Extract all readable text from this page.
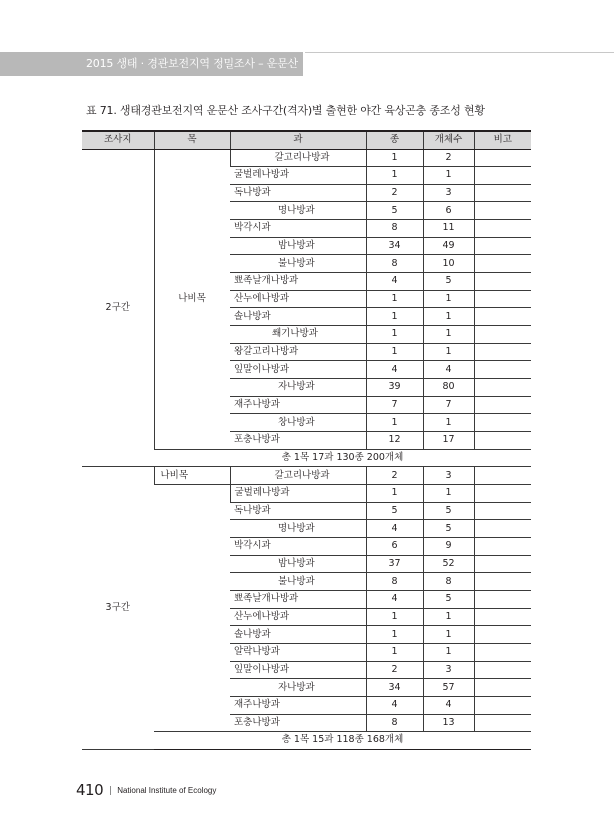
2015 생태 · 경관보전지역 정밀조사 – 운문산
표 71. 생태경관보전지역 운문산 조사구간(격자)별 출현한 야간 육상곤충 종조성 현황
조사지	목	과	종	개체수	비고
2구간	나비목	갈고리나방과	1	2	
		굴벌레나방과	1	1	
		독나방과	2	3	
		명나방과	5	6	
		박각시과	8	11	
		밤나방과	34	49	
		불나방과	8	10	
		뾰족날개나방과	4	5	
		산누에나방과	1	1	
		솔나방과	1	1	
		쐐기나방과	1	1	
		왕갈고리나방과	1	1	
		잎말이나방과	4	4	
		자나방과	39	80	
		재주나방과	7	7	
		창나방과	1	1	
		포충나방과	12	17	
	총 1목 17과 130종 200개체				
3구간	나비목	갈고리나방과	2	3	
		굴벌레나방과	1	1	
		독나방과	5	5	
		명나방과	4	5	
		박각시과	6	9	
		밤나방과	37	52	
		불나방과	8	8	
		뾰족날개나방과	4	5	
		산누에나방과	1	1	
		솔나방과	1	1	
		알락나방과	1	1	
		잎말이나방과	2	3	
		자나방과	34	57	
		재주나방과	4	4	
		포충나방과	8	13	
	총 1목 15과 118종 168개체				
410 | National Institute of Ecology
